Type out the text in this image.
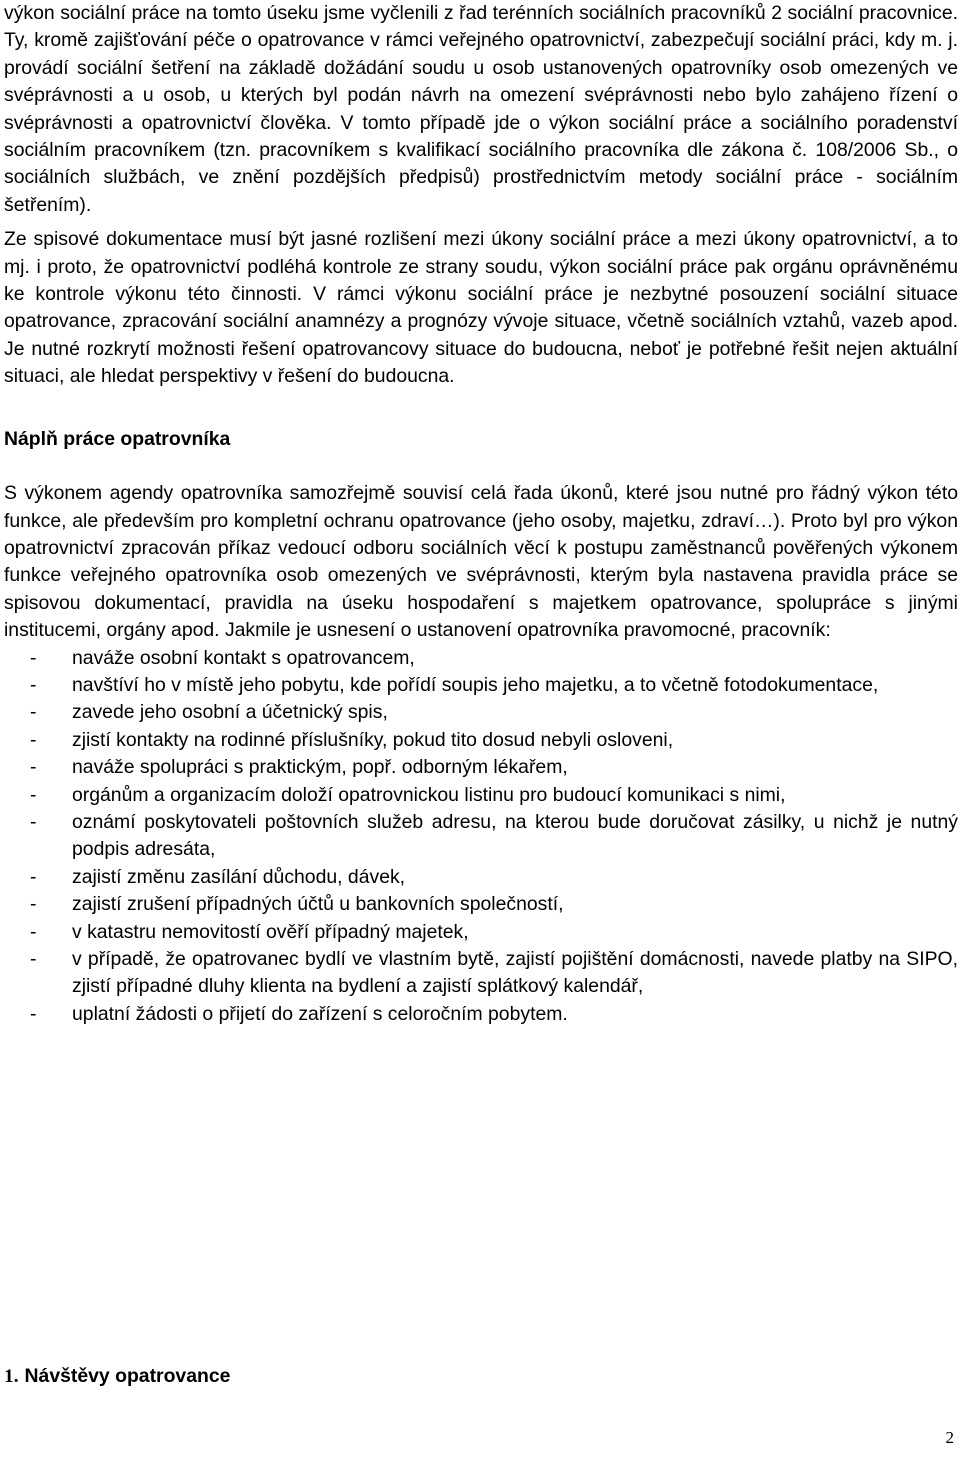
výkon sociální práce na tomto úseku jsme vyčlenili z řad terénních sociálních pracovníků 2 sociální pracovnice. Ty, kromě zajišťování péče o opatrovance v rámci veřejného opatrovnictví, zabezpečují sociální práci, kdy m. j. provádí sociální šetření na základě dožádání soudu u osob ustanovených opatrovníky osob omezených ve svéprávnosti a u osob, u kterých byl podán návrh na omezení svéprávnosti nebo bylo zahájeno řízení o svéprávnosti a opatrovnictví člověka. V tomto případě jde o výkon sociální práce a sociálního poradenství sociálním pracovníkem (tzn. pracovníkem s kvalifikací sociálního pracovníka dle zákona č. 108/2006 Sb., o sociálních službách, ve znění pozdějších předpisů) prostřednictvím metody sociální práce - sociálním šetřením).

Ze spisové dokumentace musí být jasné rozlišení mezi úkony sociální práce a mezi úkony opatrovnictví, a to mj. i proto, že opatrovnictví podléhá kontrole ze strany soudu, výkon sociální práce pak orgánu oprávněnému ke kontrole výkonu této činnosti. V rámci výkonu sociální práce je nezbytné posouzení sociální situace opatrovance, zpracování sociální anamnézy a prognózy vývoje situace, včetně sociálních vztahů, vazeb apod. Je nutné rozkrytí možnosti řešení opatrovancovy situace do budoucna, neboť je potřebné řešit nejen aktuální situaci, ale hledat perspektivy v řešení do budoucna.

Náplň práce opatrovníka

S výkonem agendy opatrovníka samozřejmě souvisí celá řada úkonů, které jsou nutné pro řádný výkon této funkce, ale především pro kompletní ochranu opatrovance (jeho osoby, majetku, zdraví…). Proto byl pro výkon opatrovnictví zpracován příkaz vedoucí odboru sociálních věcí k postupu zaměstnanců pověřených výkonem funkce veřejného opatrovníka osob omezených ve svéprávnosti, kterým byla nastavena pravidla práce se spisovou dokumentací, pravidla na úseku hospodaření s majetkem opatrovance, spolupráce s jinými institucemi, orgány apod. Jakmile je usnesení o ustanovení opatrovníka pravomocné, pracovník:

- naváže osobní kontakt s opatrovancem,
- navštíví ho v místě jeho pobytu, kde pořídí soupis jeho majetku, a to včetně fotodokumentace,
- zavede jeho osobní a účetnický spis,
- zjistí kontakty na rodinné příslušníky, pokud tito dosud nebyli osloveni,
- naváže spolupráci s praktickým, popř. odborným lékařem,
- orgánům a organizacím doloží opatrovnickou listinu pro budoucí komunikaci s nimi,
- oznámí poskytovateli poštovních služeb adresu, na kterou bude doručovat zásilky, u nichž je nutný podpis adresáta,
- zajistí změnu zasílání důchodu, dávek,
- zajistí zrušení případných účtů u bankovních společností,
- v katastru nemovitostí ověří případný majetek,
- v případě, že opatrovanec bydlí ve vlastním bytě, zajistí pojištění domácnosti, navede platby na SIPO, zjistí případné dluhy klienta na bydlení a zajistí splátkový kalendář,
- uplatní žádosti o přijetí do zařízení s celoročním pobytem.
1. Návštěvy opatrovance
2
